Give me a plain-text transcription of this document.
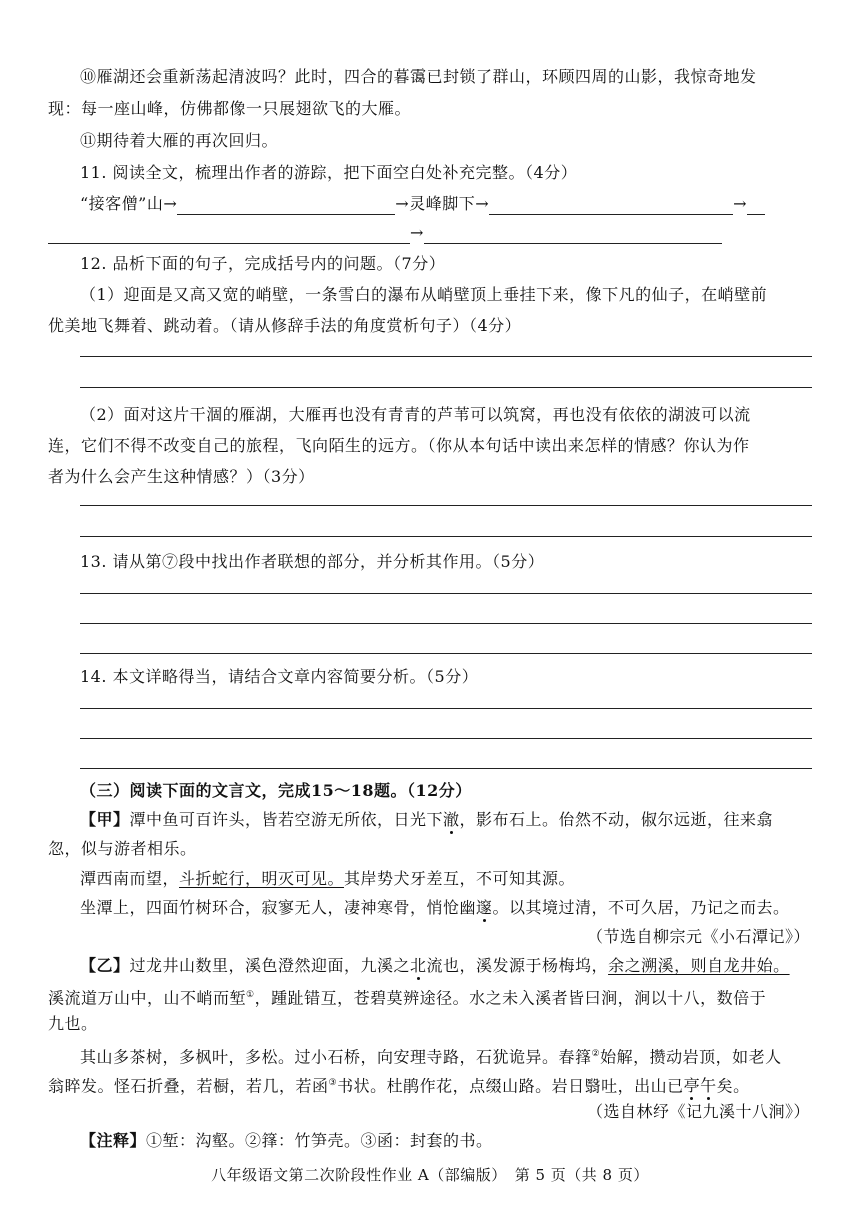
⑩雁湖还会重新荡起清波吗？此时，四合的暮霭已封锁了群山，环顾四周的山影，我惊奇地发
现：每一座山峰，仿佛都像一只展翅欲飞的大雁。
⑪期待着大雁的再次回归。
11. 阅读全文，梳理出作者的游踪，把下面空白处补充完整。（4分）
“接客僧”山→	→灵峰脚下→	→
→
12. 品析下面的句子，完成括号内的问题。（7分）
（1）迎面是又高又宽的峭壁，一条雪白的瀑布从峭壁顶上垂挂下来，像下凡的仙子，在峭壁前
优美地飞舞着、跳动着。（请从修辞手法的角度赏析句子）（4分）
（2）面对这片干涸的雁湖，大雁再也没有青青的芦苇可以筑窝，再也没有依依的湖波可以流
连，它们不得不改变自己的旅程，飞向陌生的远方。（你从本句话中读出来怎样的情感？你认为作
者为什么会产生这种情感？）（3分）
13. 请从第⑦段中找出作者联想的部分，并分析其作用。（5分）
14. 本文详略得当，请结合文章内容简要分析。（5分）
（三）阅读下面的文言文，完成15～18题。（12分）
【甲】潭中鱼可百许头，皆若空游无所依，日光下澈，影布石上。佁然不动，俶尔远逝，往来翕
忽，似与游者相乐。
潭西南而望，斗折蛇行，明灭可见。其岸势犬牙差互，不可知其源。
坐潭上，四面竹树环合，寂寥无人，凄神寒骨，悄怆幽邃。以其境过清，不可久居，乃记之而去。
（节选自柳宗元《小石潭记》）
【乙】过龙井山数里，溪色澄然迎面，九溪之北流也，溪发源于杨梅坞，余之溯溪，则自龙井始。
溪流道万山中，山不峭而堑①，踵趾错互，苍碧莫辨途径。水之未入溪者皆曰涧，涧以十八，数倍于
九也。
其山多茶树，多枫叶，多松。过小石桥，向安理寺路，石犹诡异。春箨②始解，攒动岩顶，如老人
翁睟发。怪石折叠，若橱，若几，若函③书状。杜鹃作花，点缀山路。岩日翳吐，出山已亭午矣。
（选自林纾《记九溪十八涧》）
【注释】①堑：沟壑。②箨：竹笋壳。③函：封套的书。
八年级语文第二次阶段性作业 A（部编版）　第 5 页（共 8 页）
